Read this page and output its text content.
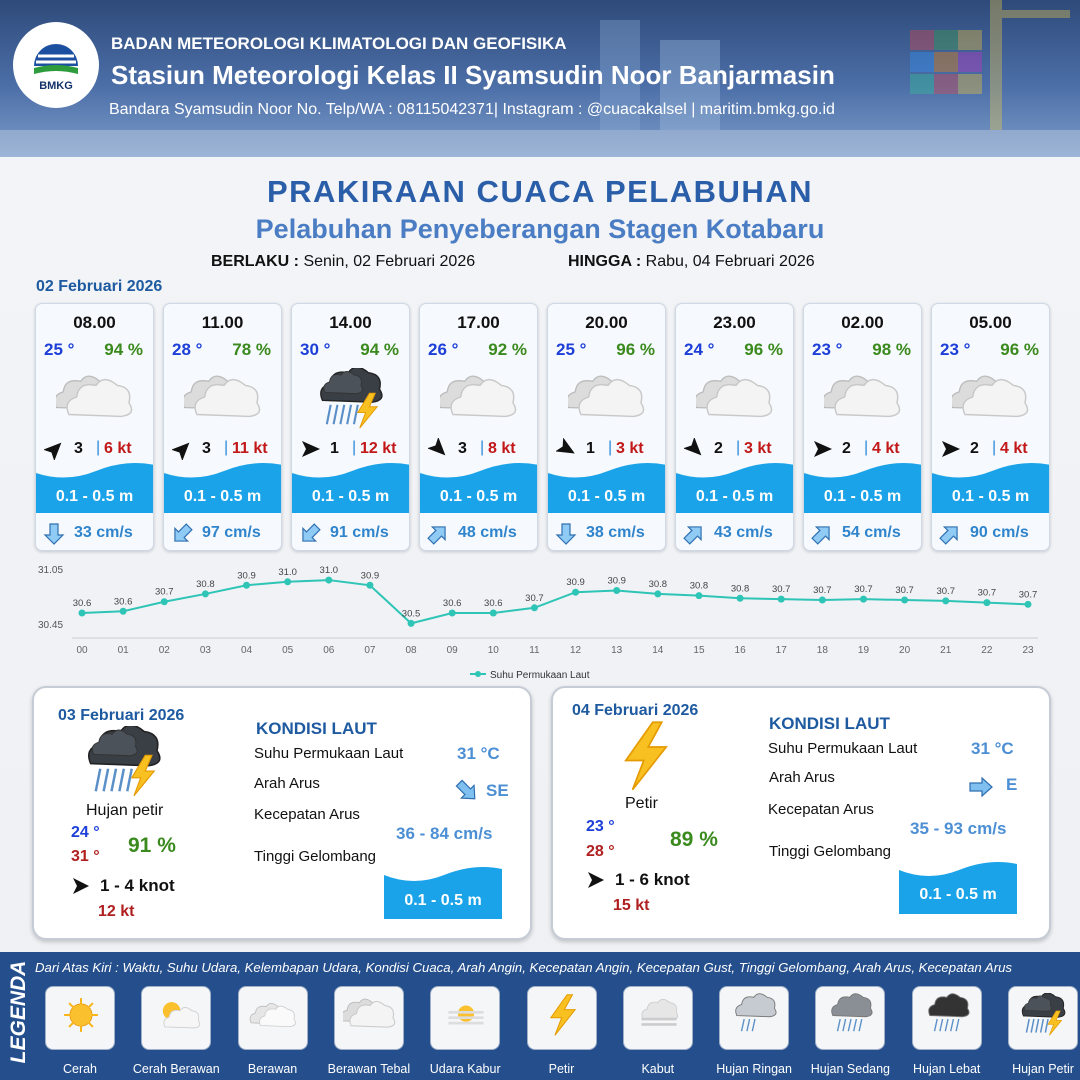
BMKG
BADAN METEOROLOGI KLIMATOLOGI DAN GEOFISIKA
Stasiun Meteorologi Kelas II Syamsudin Noor Banjarmasin
Bandara Syamsudin Noor No. Telp/WA : 08115042371| Instagram : @cuacakalsel | maritim.bmkg.go.id
PRAKIRAAN CUACA PELABUHAN
Pelabuhan Penyeberangan Stagen Kotabaru
BERLAKU : Senin, 02 Februari 2026	HINGGA : Rabu, 04 Februari 2026
02 Februari 2026
08.00
25 ° 94 %
3 | 6 kt
0.1 - 0.5 m
33 cm/s
11.00
28 ° 78 %
3 | 11 kt
0.1 - 0.5 m
97 cm/s
14.00
30 ° 94 %
1 | 12 kt
0.1 - 0.5 m
91 cm/s
17.00
26 ° 92 %
3 | 8 kt
0.1 - 0.5 m
48 cm/s
20.00
25 ° 96 %
1 | 3 kt
0.1 - 0.5 m
38 cm/s
23.00
24 ° 96 %
2 | 3 kt
0.1 - 0.5 m
43 cm/s
02.00
23 ° 98 %
2 | 4 kt
0.1 - 0.5 m
54 cm/s
05.00
23 ° 96 %
2 | 4 kt
0.1 - 0.5 m
90 cm/s
31.05
30.45
30.6
00
30.6
01
30.7
02
30.8
03
30.9
04
31.0
05
31.0
06
30.9
07
30.5
08
30.6
09
30.6
10
30.7
11
30.9
12
30.9
13
30.8
14
30.8
15
30.8
16
30.7
17
30.7
18
30.7
19
30.7
20
30.7
21
30.7
22
30.7
23
Suhu Permukaan Laut
03 Februari 2026
Hujan petir
24 °
31 ° 91 %
1 - 4 knot
12 kt
KONDISI LAUT
Suhu Permukaan Laut	31 °C
Arah Arus	SE
Kecepatan Arus
36 - 84 cm/s
Tinggi Gelombang
0.1 - 0.5 m
04 Februari 2026
Petir
23 °
28 °
89 %
1 - 6 knot
15 kt
KONDISI LAUT
Suhu Permukaan Laut	31 °C
Arah Arus	E
Kecepatan Arus
35 - 93 cm/s
Tinggi Gelombang
0.1 - 0.5 m
LEGENDA Dari Atas Kiri : Waktu, Suhu Udara, Kelembapan Udara, Kondisi Cuaca, Arah Angin, Kecepatan Angin, Kecepatan Gust, Tinggi Gelombang, Arah Arus, Kecepatan Arus
Cerah	Cerah Berawan	Berawan	Berawan Tebal	Udara Kabur	Petir	Kabut	Hujan Ringan	Hujan Sedang	Hujan Lebat	Hujan Petir
